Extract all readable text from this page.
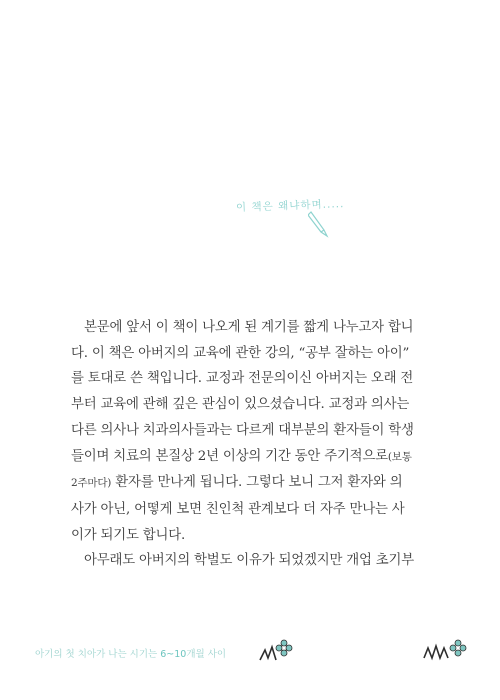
이 책은 왜냐하며.....
본문에 앞서 이 책이 나오게 된 계기를 짧게 나누고자 합니
다. 이 책은 아버지의 교육에 관한 강의, “공부 잘하는 아이”
를 토대로 쓴 책입니다. 교정과 전문의이신 아버지는 오래 전
부터 교육에 관해 깊은 관심이 있으셨습니다. 교정과 의사는
다른 의사나 치과의사들과는 다르게 대부분의 환자들이 학생
들이며 치료의 본질상 2년 이상의 기간 동안 주기적으로(보통
2주마다) 환자를 만나게 됩니다. 그렇다 보니 그저 환자와 의
사가 아닌, 어떻게 보면 친인척 관계보다 더 자주 만나는 사
이가 되기도 합니다.
아무래도 아버지의 학벌도 이유가 되었겠지만 개업 초기부
아기의 첫 치아가 나는 시기는 6~10개월 사이
